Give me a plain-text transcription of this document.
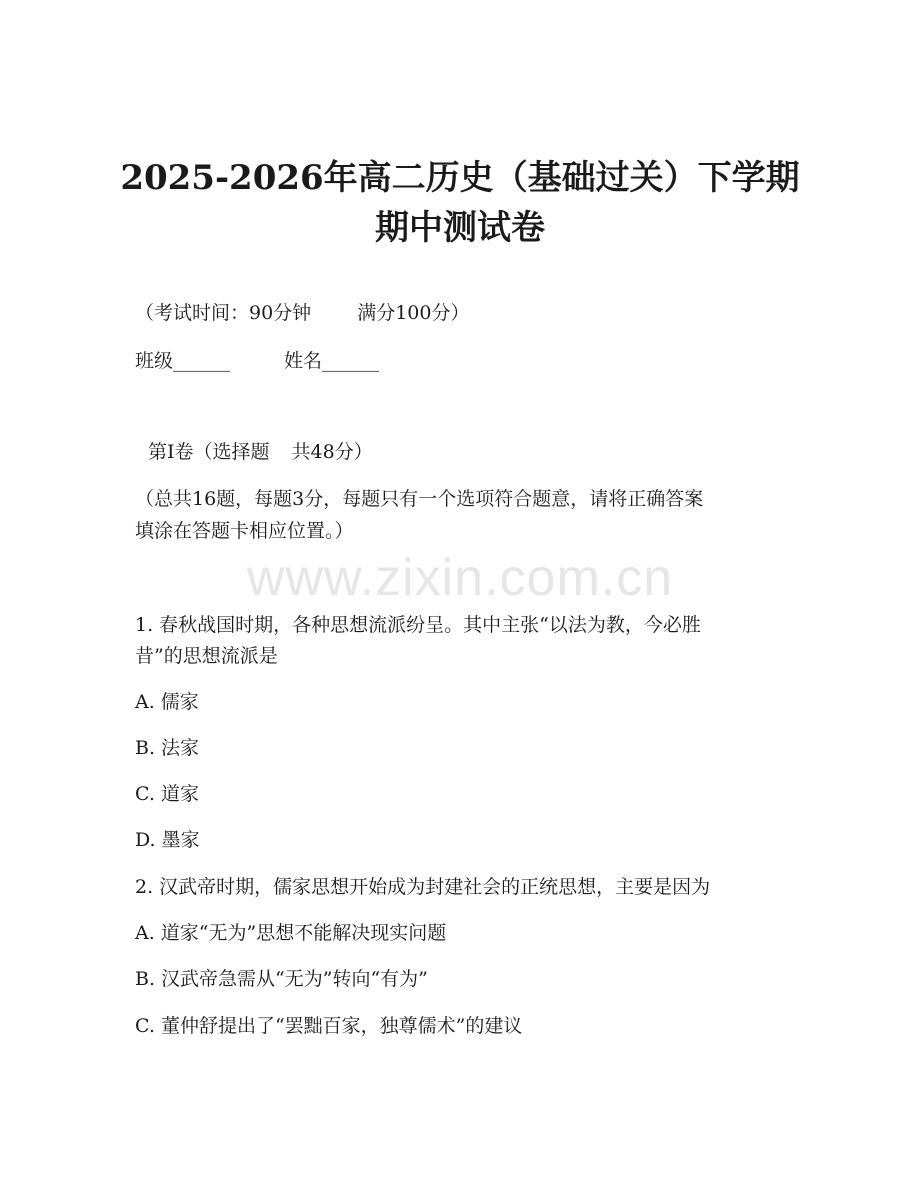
2025-2026年高二历史（基础过关）下学期
期中测试卷
（考试时间：90分钟 满分100分）
班级______	姓名______
第Ⅰ卷（选择题 共48分）
（总共16题，每题3分，每题只有一个选项符合题意，请将正确答案
填涂在答题卡相应位置。）
www.zixin.com.cn
1. 春秋战国时期，各种思想流派纷呈。其中主张“以法为教，今必胜
昔”的思想流派是
A. 儒家
B. 法家
C. 道家
D. 墨家
2. 汉武帝时期，儒家思想开始成为封建社会的正统思想，主要是因为
A. 道家“无为”思想不能解决现实问题
B. 汉武帝急需从“无为”转向“有为”
C. 董仲舒提出了“罢黜百家，独尊儒术”的建议
